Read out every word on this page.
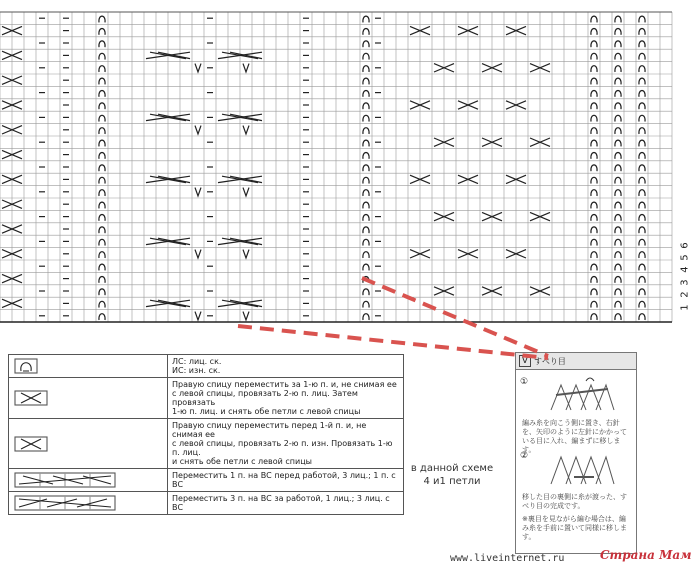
6
5
4
3
2
1

ЛС: лиц. ск.
ИС: изн. ск.

Правую спицу переместить за 1-ю п. и, не снимая ее
с левой спицы, провязать 2-ю п. лиц. Затем провязать
1-ю п. лиц. и снять обе петли с левой спицы

Правую спицу переместить перед 1-й п. и, не снимая ее
с левой спицы, провязать 2-ю п. изн. Провязать 1-ю п. лиц.
и снять обе петли с левой спицы

Переместить 1 п. на ВС перед работой, 3 лиц.; 1 п. с ВС

Переместить 3 п. на ВС за работой, 1 лиц.; 3 лиц. с ВС
в данной схеме
4 и1 петли
V すべり目
①
編み糸を向こう側に置き、右針を、矢印のように左針にかかっている目に入れ、編まずに移します。
②
移した目の裏側に糸が渡った、すべり目の完成です。
※裏目を見ながら編む場合は、編み糸を手前に置いて同様に移します。
www.liveinternet.ru	Страна Мам
